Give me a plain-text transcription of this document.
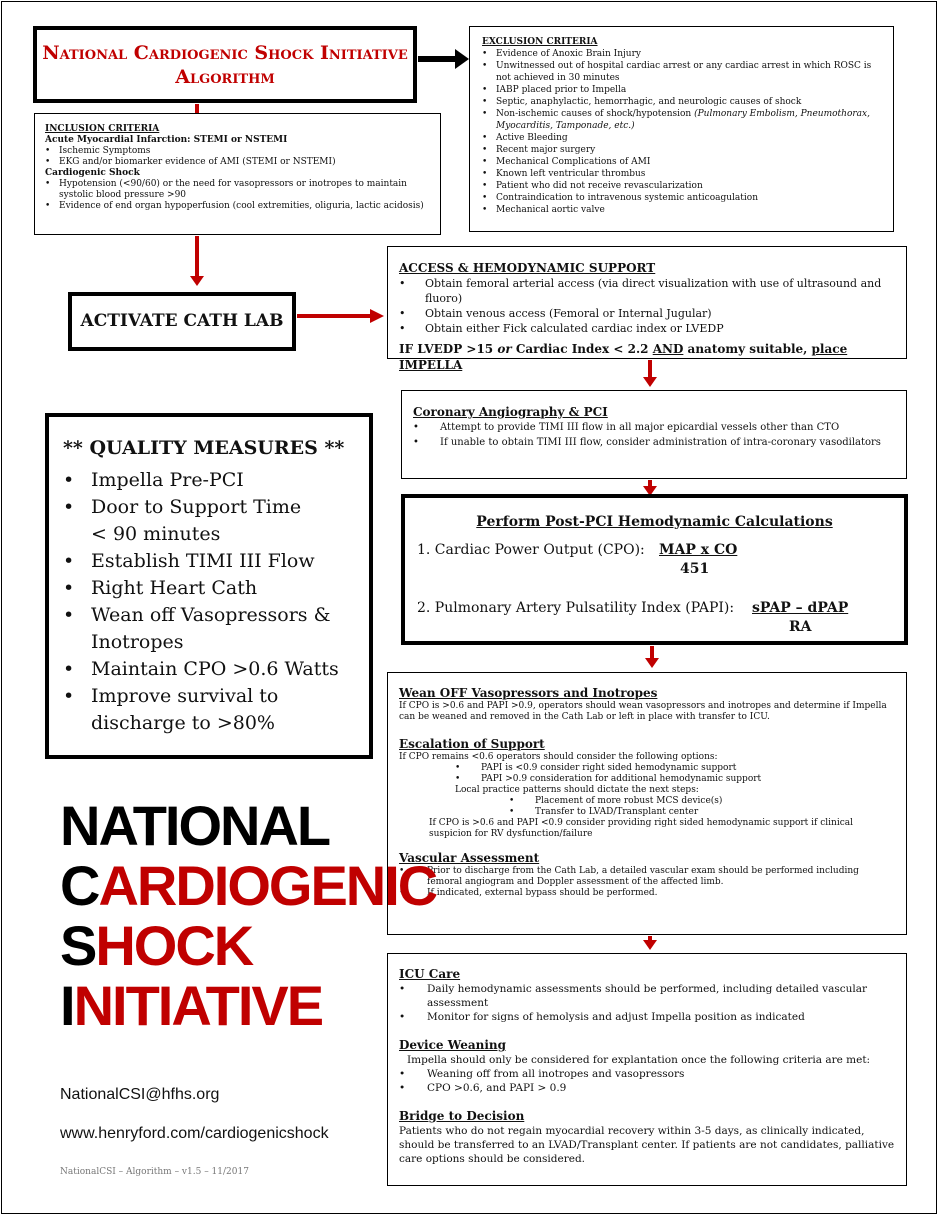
National Cardiogenic Shock Initiative
Algorithm
INCLUSION CRITERIA
Acute Myocardial Infarction: STEMI or NSTEMI
• Ischemic Symptoms
• EKG and/or biomarker evidence of AMI (STEMI or NSTEMI)
Cardiogenic Shock
• Hypotension (<90/60) or the need for vasopressors or inotropes to maintain systolic blood pressure >90
• Evidence of end organ hypoperfusion (cool extremities, oliguria, lactic acidosis)
EXCLUSION CRITERIA
• Evidence of Anoxic Brain Injury
• Unwitnessed out of hospital cardiac arrest or any cardiac arrest in which ROSC is not achieved in 30 minutes
• IABP placed prior to Impella
• Septic, anaphylactic, hemorrhagic, and neurologic causes of shock
• Non-ischemic causes of shock/hypotension (Pulmonary Embolism, Pneumothorax, Myocarditis, Tamponade, etc.)
• Active Bleeding
• Recent major surgery
• Mechanical Complications of AMI
• Known left ventricular thrombus
• Patient who did not receive revascularization
• Contraindication to intravenous systemic anticoagulation
• Mechanical aortic valve
ACTIVATE CATH LAB
ACCESS & HEMODYNAMIC SUPPORT
• Obtain femoral arterial access (via direct visualization with use of ultrasound and fluoro)
• Obtain venous access (Femoral or Internal Jugular)
• Obtain either Fick calculated cardiac index or LVEDP
IF LVEDP >15 or Cardiac Index < 2.2 AND anatomy suitable, place IMPELLA
Coronary Angiography & PCI
• Attempt to provide TIMI III flow in all major epicardial vessels other than CTO
• If unable to obtain TIMI III flow, consider administration of intra-coronary vasodilators
Perform Post-PCI Hemodynamic Calculations
1. Cardiac Power Output (CPO): MAP x CO
451
2. Pulmonary Artery Pulsatility Index (PAPI): sPAP – dPAP
RA
** QUALITY MEASURES **
• Impella Pre-PCI
• Door to Support Time < 90 minutes
• Establish TIMI III Flow
• Right Heart Cath
• Wean off Vasopressors & Inotropes
• Maintain CPO >0.6 Watts
• Improve survival to discharge to >80%
Wean OFF Vasopressors and Inotropes
If CPO is >0.6 and PAPI >0.9, operators should wean vasopressors and inotropes and determine if Impella can be weaned and removed in the Cath Lab or left in place with transfer to ICU.
Escalation of Support
If CPO remains <0.6 operators should consider the following options:
• PAPI is <0.9 consider right sided hemodynamic support
• PAPI >0.9 consideration for additional hemodynamic support
Local practice patterns should dictate the next steps:
• Placement of more robust MCS device(s)
• Transfer to LVAD/Transplant center
If CPO is >0.6 and PAPI <0.9 consider providing right sided hemodynamic support if clinical suspicion for RV dysfunction/failure
Vascular Assessment
• Prior to discharge from the Cath Lab, a detailed vascular exam should be performed including femoral angiogram and Doppler assessment of the affected limb.
• If indicated, external bypass should be performed.
ICU Care
• Daily hemodynamic assessments should be performed, including detailed vascular assessment
• Monitor for signs of hemolysis and adjust Impella position as indicated
Device Weaning
Impella should only be considered for explantation once the following criteria are met:
• Weaning off from all inotropes and vasopressors
• CPO >0.6, and PAPI > 0.9
Bridge to Decision
Patients who do not regain myocardial recovery within 3-5 days, as clinically indicated, should be transferred to an LVAD/Transplant center. If patients are not candidates, palliative care options should be considered.
NATIONAL
CARDIOGENIC
SHOCK
INITIATIVE
NationalCSI@hfhs.org
www.henryford.com/cardiogenicshock
NationalCSI – Algorithm – v1.5 – 11/2017
